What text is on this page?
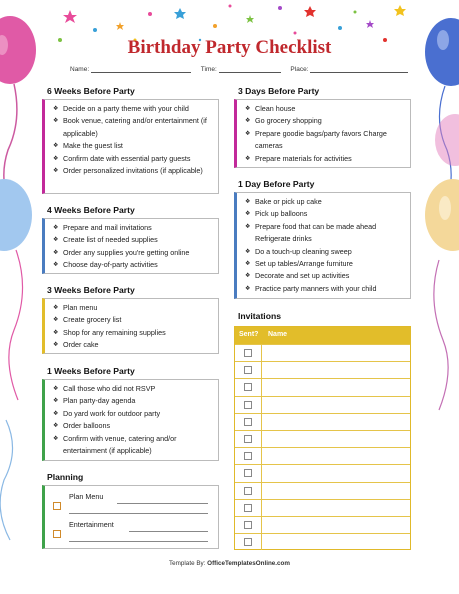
Birthday Party Checklist
Name:	Time:	Place:
6 Weeks Before Party
❖ Decide on a party theme with your child
❖ Book venue, catering and/or entertainment (if applicable)
❖ Make the guest list
❖ Confirm date with essential party guests
❖ Order personalized invitations (if applicable)
4 Weeks Before Party
❖ Prepare and mail invitations
❖ Create list of needed supplies
❖ Order any supplies you're getting online
❖ Choose day-of-party activities
3 Weeks Before Party
❖ Plan menu
❖ Create grocery list
❖ Shop for any remaining supplies
❖ Order cake
1 Weeks Before Party
❖ Call those who did not RSVP
❖ Plan party-day agenda
❖ Do yard work for outdoor party
❖ Order balloons
❖ Confirm with venue, catering and/or entertainment (if applicable)
Planning
Plan Menu
Entertainment
3 Days Before Party
❖ Clean house
❖ Go grocery shopping
❖ Prepare goodie bags/party favors Charge cameras
❖ Prepare materials for activities
1 Day Before Party
❖ Bake or pick up cake
❖ Pick up balloons
❖ Prepare food that can be made ahead Refrigerate drinks
❖ Do a touch-up cleaning sweep
❖ Set up tables/Arrange furniture
❖ Decorate and set up activities
❖ Practice party manners with your child
Invitations
Sent? Name
Template By: OfficeTemplatesOnline.com
